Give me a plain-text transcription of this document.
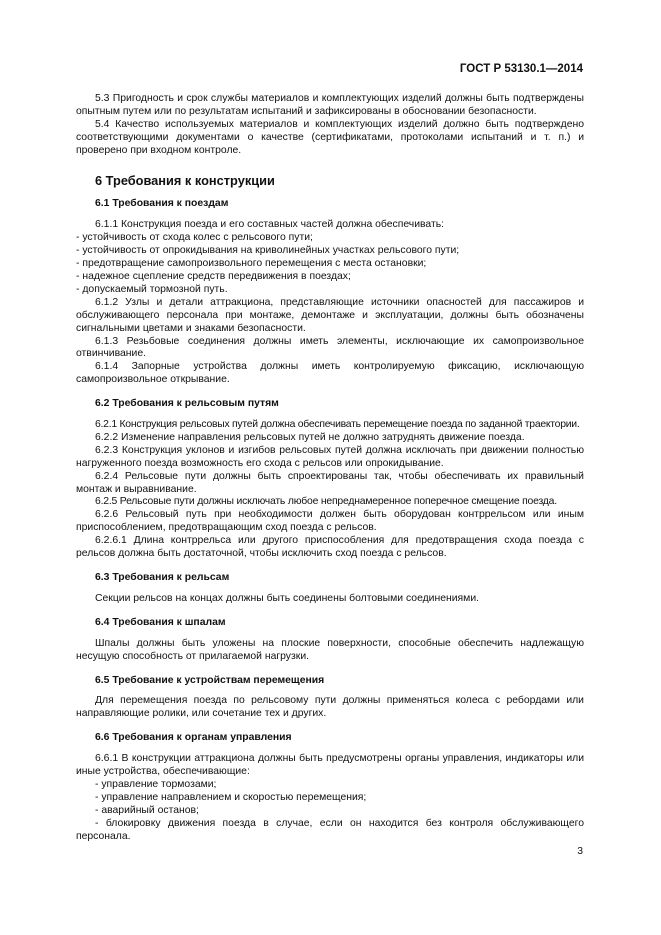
ГОСТ Р 53130.1—2014

5.3 Пригодность и срок службы материалов и комплектующих изделий должны быть подтверждены опытным путем или по результатам испытаний и зафиксированы в обосновании безопасности.

5.4 Качество используемых материалов и комплектующих изделий должно быть подтверждено соответствующими документами о качестве (сертификатами, протоколами испытаний и т. п.) и проверено при входном контроле.

6 Требования к конструкции

6.1 Требования к поездам

6.1.1 Конструкция поезда и его составных частей должна обеспечивать:

- устойчивость от схода колес с рельсового пути;

- устойчивость от опрокидывания на криволинейных участках рельсового пути;

- предотвращение самопроизвольного перемещения с места остановки;

- надежное сцепление средств передвижения в поездах;

- допускаемый тормозной путь.

6.1.2 Узлы и детали аттракциона, представляющие источники опасностей для пассажиров и обслуживающего персонала при монтаже, демонтаже и эксплуатации, должны быть обозначены сигнальными цветами и знаками безопасности.

6.1.3 Резьбовые соединения должны иметь элементы, исключающие их самопроизвольное отвинчивание.

6.1.4 Запорные устройства должны иметь контролируемую фиксацию, исключающую самопроизвольное открывание.

6.2 Требования к рельсовым путям

6.2.1 Конструкция рельсовых путей должна обеспечивать перемещение поезда по заданной траектории.

6.2.2 Изменение направления рельсовых путей не должно затруднять движение поезда.

6.2.3 Конструкция уклонов и изгибов рельсовых путей должна исключать при движении полностью нагруженного поезда возможность его схода с рельсов или опрокидывание.

6.2.4 Рельсовые пути должны быть спроектированы так, чтобы обеспечивать их правильный монтаж и выравнивание.

6.2.5 Рельсовые пути должны исключать любое непреднамеренное поперечное смещение поезда.

6.2.6 Рельсовый путь при необходимости должен быть оборудован контррельсом или иным приспособлением, предотвращающим сход поезда с рельсов.

6.2.6.1 Длина контррельса или другого приспособления для предотвращения схода поезда с рельсов должна быть достаточной, чтобы исключить сход поезда с рельсов.

6.3 Требования к рельсам

Секции рельсов на концах должны быть соединены болтовыми соединениями.

6.4 Требования к шпалам

Шпалы должны быть уложены на плоские поверхности, способные обеспечить надлежащую несущую способность от прилагаемой нагрузки.

6.5 Требование к устройствам перемещения

Для перемещения поезда по рельсовому пути должны применяться колеса с ребордами или направляющие ролики, или сочетание тех и других.

6.6 Требования к органам управления

6.6.1 В конструкции аттракциона должны быть предусмотрены органы управления, индикаторы или иные устройства, обеспечивающие:

- управление тормозами;

- управление направлением и скоростью перемещения;

- аварийный останов;

- блокировку движения поезда в случае, если он находится без контроля обслуживающего персонала.

3
